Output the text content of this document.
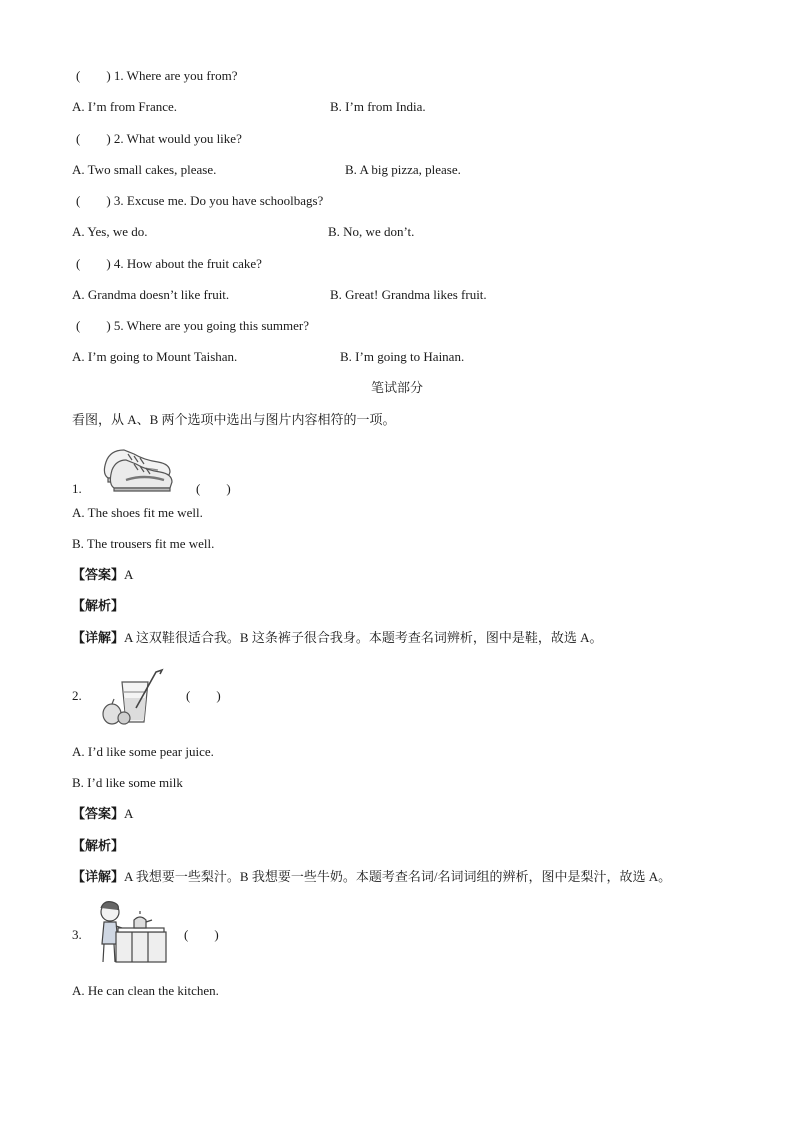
(　　) 1. Where are you from?
A. I’m from France.	B. I’m from India.
(　　) 2. What would you like?
A. Two small cakes, please.	B. A big pizza, please.
(　　) 3. Excuse me. Do you have schoolbags?
A. Yes, we do.	B. No, we don’t.
(　　) 4. How about the fruit cake?
A. Grandma doesn’t like fruit.	B. Great! Grandma likes fruit.
(　　) 5. Where are you going this summer?
A. I’m going to Mount Taishan.	B. I’m going to Hainan.
笔试部分
看图，从 A、B 两个选项中选出与图片内容相符的一项。
1.	(　　)
A. The shoes fit me well.
B. The trousers fit me well.
【答案】A
【解析】
【详解】A 这双鞋很适合我。B 这条裤子很合我身。本题考查名词辨析，图中是鞋，故选 A。
2.	(　　)
A. I’d like some pear juice.
B. I’d like some milk
【答案】A
【解析】
【详解】A 我想要一些梨汁。B 我想要一些牛奶。本题考查名词/名词词组的辨析，图中是梨汁，故选 A。
3.	(　　)
A. He can clean the kitchen.
